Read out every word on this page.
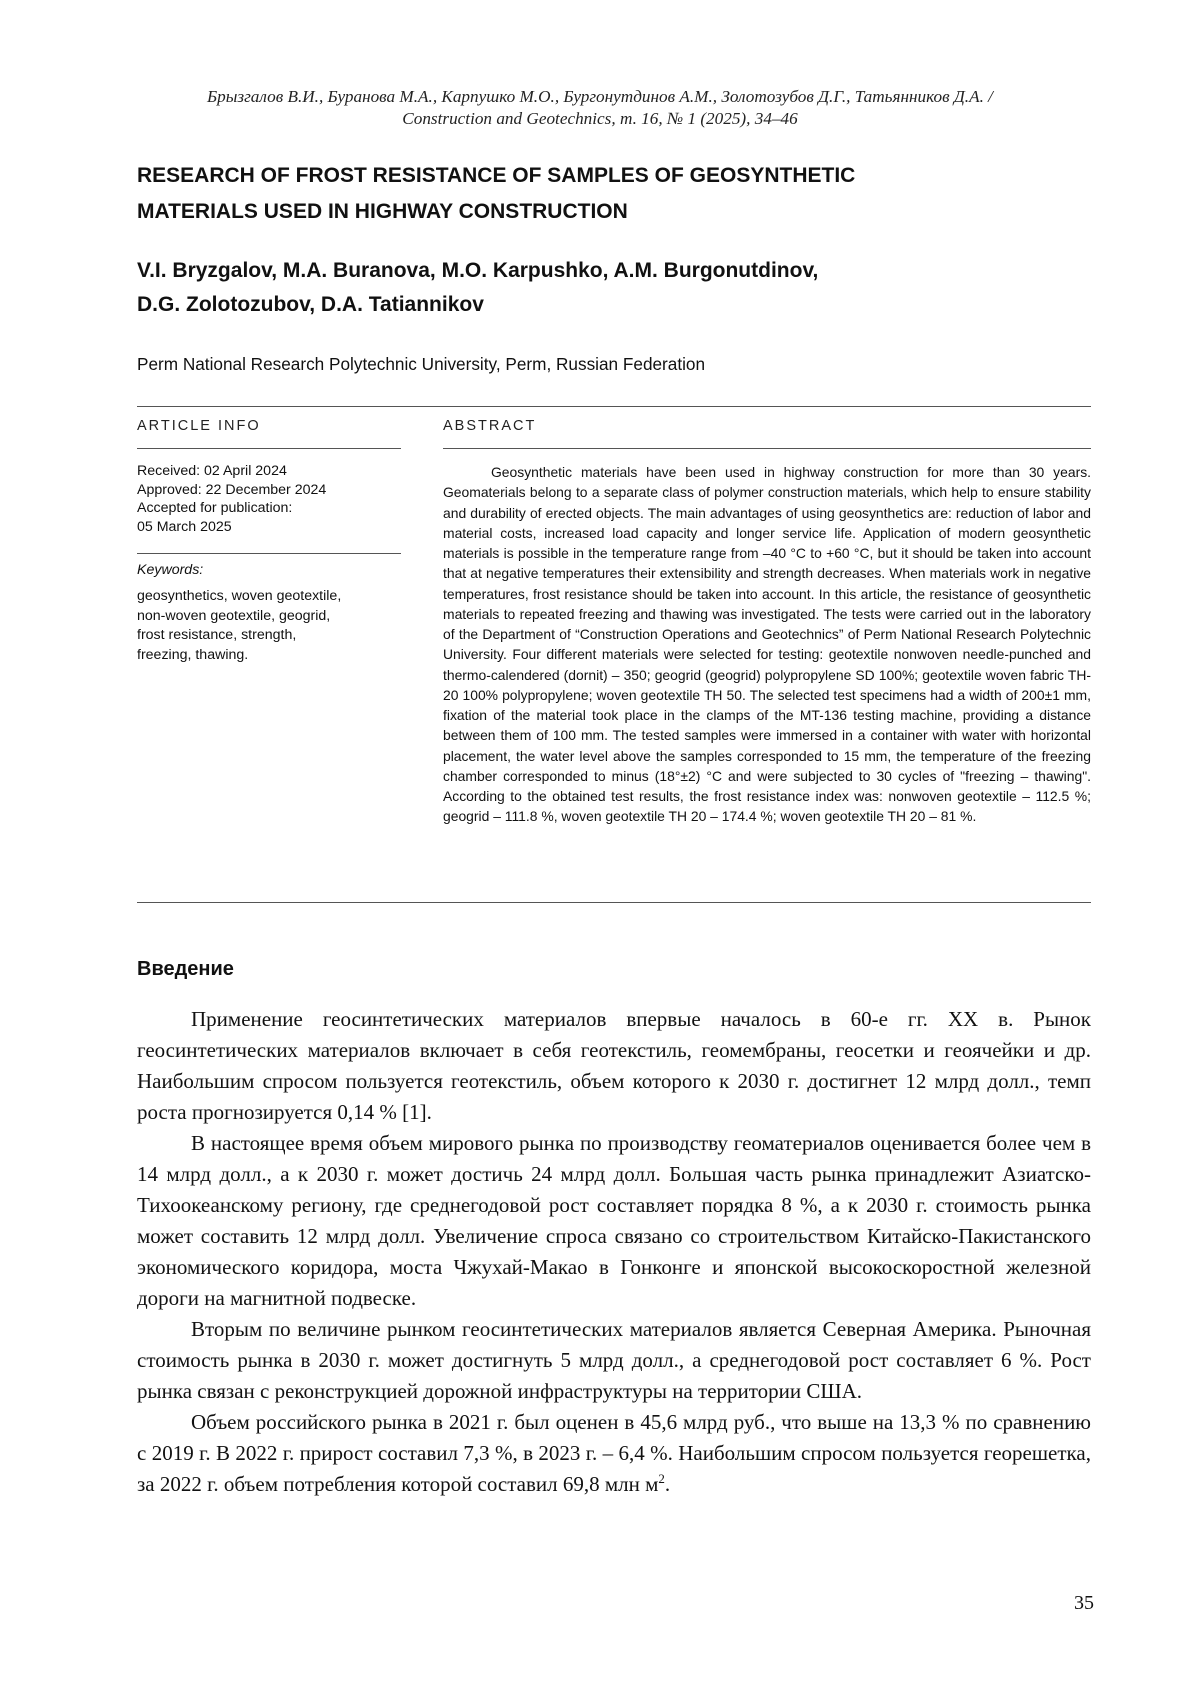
Брызгалов В.И., Буранова М.А., Карпушко М.О., Бургонутдинов А.М., Золотозубов Д.Г., Татьянников Д.А. /
Construction and Geotechnics, т. 16, № 1 (2025), 34–46
RESEARCH OF FROST RESISTANCE OF SAMPLES OF GEOSYNTHETIC
MATERIALS USED IN HIGHWAY CONSTRUCTION
V.I. Bryzgalov, M.A. Buranova, M.O. Karpushko, A.M. Burgonutdinov,
D.G. Zolotozubov, D.A. Tatiannikov
Perm National Research Polytechnic University, Perm, Russian Federation
ARTICLE INFO	ABSTRACT
Received: 02 April 2024
Approved: 22 December 2024
Accepted for publication:
05 March 2025
Keywords:
geosynthetics, woven geotextile,
non-woven geotextile, geogrid,
frost resistance, strength,
freezing, thawing.

Geosynthetic materials have been used in highway construction for more than 30 years. Geomaterials belong to a separate class of polymer construction materials, which help to ensure stability and durability of erected objects. The main advantages of using geosynthetics are: reduction of labor and material costs, increased load capacity and longer service life. Application of modern geosynthetic materials is possible in the temperature range from –40 °C to +60 °C, but it should be taken into account that at negative temperatures their extensibility and strength decreases. When materials work in negative temperatures, frost resistance should be taken into account. In this article, the resistance of geosynthetic materials to repeated freezing and thawing was investigated. The tests were carried out in the laboratory of the Department of “Construction Operations and Geotechnics” of Perm National Research Polytechnic University. Four different materials were selected for testing: geotextile nonwoven needle-punched and thermo-calendered (dornit) – 350; geogrid (geogrid) polypropylene SD 100%; geotextile woven fabric TH-20 100% polypropylene; woven geotextile TH 50. The selected test specimens had a width of 200±1 mm, fixation of the material took place in the clamps of the MT-136 testing machine, providing a distance between them of 100 mm. The tested samples were immersed in a container with water with horizontal placement, the water level above the samples corresponded to 15 mm, the temperature of the freezing chamber corresponded to minus (18°±2) °C and were subjected to 30 cycles of "freezing – thawing". According to the obtained test results, the frost resistance index was: nonwoven geotextile – 112.5 %; geogrid – 111.8 %, woven geotextile TH 20 – 174.4 %; woven geotextile TH 20 – 81 %.

Введение

Применение геосинтетических материалов впервые началось в 60-е гг. XX в. Рынок геосинтетических материалов включает в себя геотекстиль, геомембраны, геосетки и геоячейки и др. Наибольшим спросом пользуется геотекстиль, объем которого к 2030 г. достигнет 12 млрд долл., темп роста прогнозируется 0,14 % [1].

В настоящее время объем мирового рынка по производству геоматериалов оценивается более чем в 14 млрд долл., а к 2030 г. может достичь 24 млрд долл. Большая часть рынка принадлежит Азиатско-Тихоокеанскому региону, где среднегодовой рост составляет порядка 8 %, а к 2030 г. стоимость рынка может составить 12 млрд долл. Увеличение спроса связано со строительством Китайско-Пакистанского экономического коридора, моста Чжухай-Макао в Гонконге и японской высокоскоростной железной дороги на магнитной подвеске.

Вторым по величине рынком геосинтетических материалов является Северная Америка. Рыночная стоимость рынка в 2030 г. может достигнуть 5 млрд долл., а среднегодовой рост составляет 6 %. Рост рынка связан с реконструкцией дорожной инфраструктуры на территории США.

Объем российского рынка в 2021 г. был оценен в 45,6 млрд руб., что выше на 13,3 % по сравнению с 2019 г. В 2022 г. прирост составил 7,3 %, в 2023 г. – 6,4 %. Наибольшим спросом пользуется георешетка, за 2022 г. объем потребления которой составил 69,8 млн $м^2$.

35
